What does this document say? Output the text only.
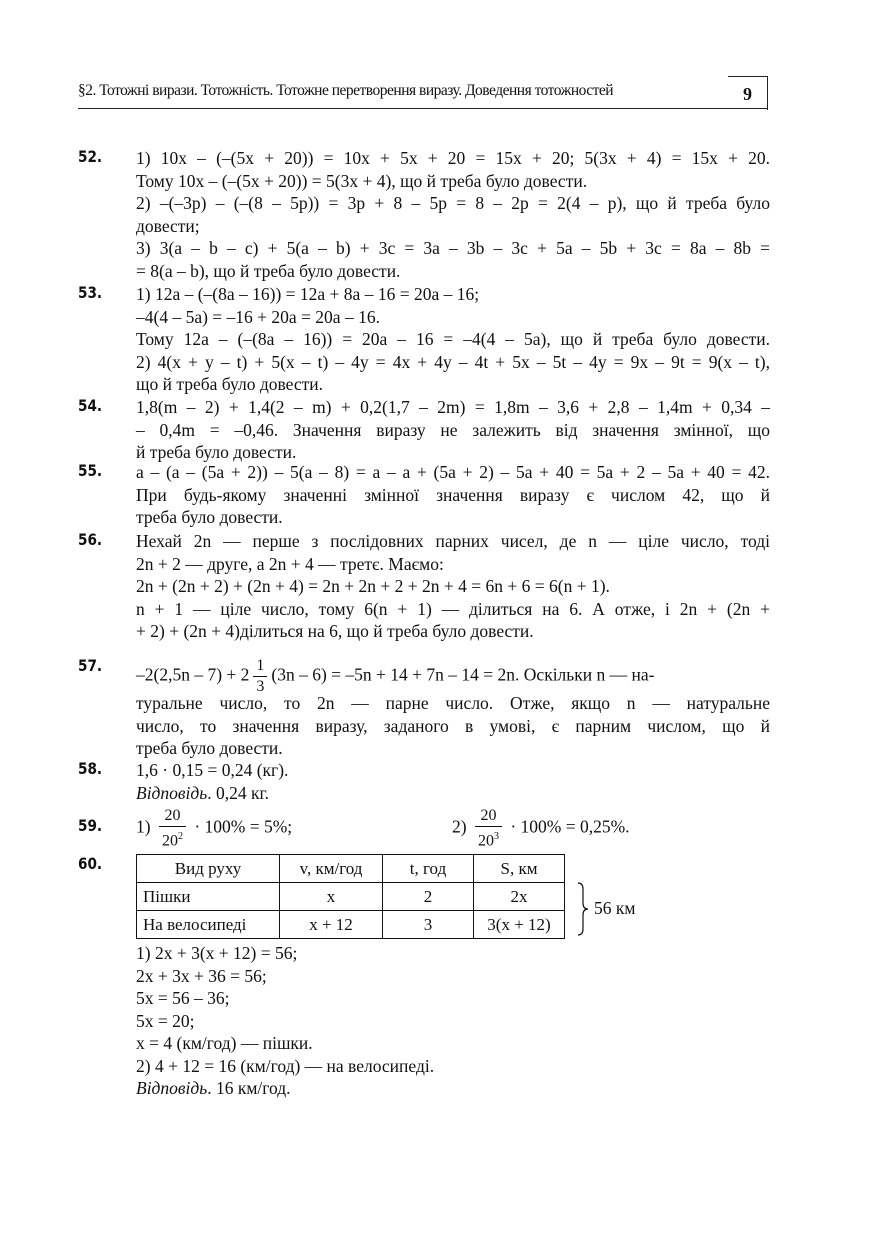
§2. Тотожні вирази. Тотожність. Тотожне перетворення виразу. Доведення тотожностей	9
52. 1) 10x – (–(5x + 20)) = 10x + 5x + 20 = 15x + 20; 5(3x + 4) = 15x + 20.
Тому 10x – (–(5x + 20)) = 5(3x + 4), що й треба було довести.
2) –(–3p) – (–(8 – 5p)) = 3p + 8 – 5p = 8 – 2p = 2(4 – p), що й треба було
довести;
3) 3(a – b – c) + 5(a – b) + 3c = 3a – 3b – 3c + 5a – 5b + 3c = 8a – 8b =
= 8(a – b), що й треба було довести.
53. 1) 12a – (–(8a – 16)) = 12a + 8a – 16 = 20a – 16;
–4(4 – 5a) = –16 + 20a = 20a – 16.
Тому 12a – (–(8a – 16)) = 20a – 16 = –4(4 – 5a), що й треба було довести.
2) 4(x + y – t) + 5(x – t) – 4y = 4x + 4y – 4t + 5x – 5t – 4y = 9x – 9t = 9(x – t),
що й треба було довести.
54. 1,8(m – 2) + 1,4(2 – m) + 0,2(1,7 – 2m) = 1,8m – 3,6 + 2,8 – 1,4m + 0,34 –
– 0,4m = –0,46. Значення виразу не залежить від значення змінної, що
й треба було довести.
55. a – (a – (5a + 2)) – 5(a – 8) = a – a + (5a + 2) – 5a + 40 = 5a + 2 – 5a + 40 = 42.
При будь-якому значенні змінної значення виразу є числом 42, що й
треба було довести.
56. Нехай 2n — перше з послідовних парних чисел, де n — ціле число, тоді
2n + 2 — друге, а 2n + 4 — третє. Маємо:
2n + (2n + 2) + (2n + 4) = 2n + 2n + 2 + 2n + 4 = 6n + 6 = 6(n + 1).
n + 1 — ціле число, тому 6(n + 1) — ділиться на 6. А отже, і 2n + (2n +
+ 2) + (2n + 4)ділиться на 6, що й треба було довести.
57. $-2(2,5n - 7) + 2 \frac{1}{3} (3n - 6) = -5n + 14 + 7n - 14 = 2n$. Оскільки n — на-
туральне число, то 2n — парне число. Отже, якщо n — натуральне
число, то значення виразу, заданого в умові, є парним числом, що й
треба було довести.
58. 1,6 · 0,15 = 0,24 (кг).
Відповідь. 0,24 кг.
59. $1) \frac{20}{20^2} \cdot 100\% = 5\%$;	$2) \frac{20}{20^3} \cdot 100\% = 0,25\%$.
60.	Вид руху	v, км/год	t, год	S, км
Пішки	x	2	2x
На велосипеді	x + 12	3	3(x + 12)
56 км
1) 2x + 3(x + 12) = 56;
2x + 3x + 36 = 56;
5x = 56 – 36;
5x = 20;
x = 4 (км/год) — пішки.
2) 4 + 12 = 16 (км/год) — на велосипеді.
Відповідь. 16 км/год.
